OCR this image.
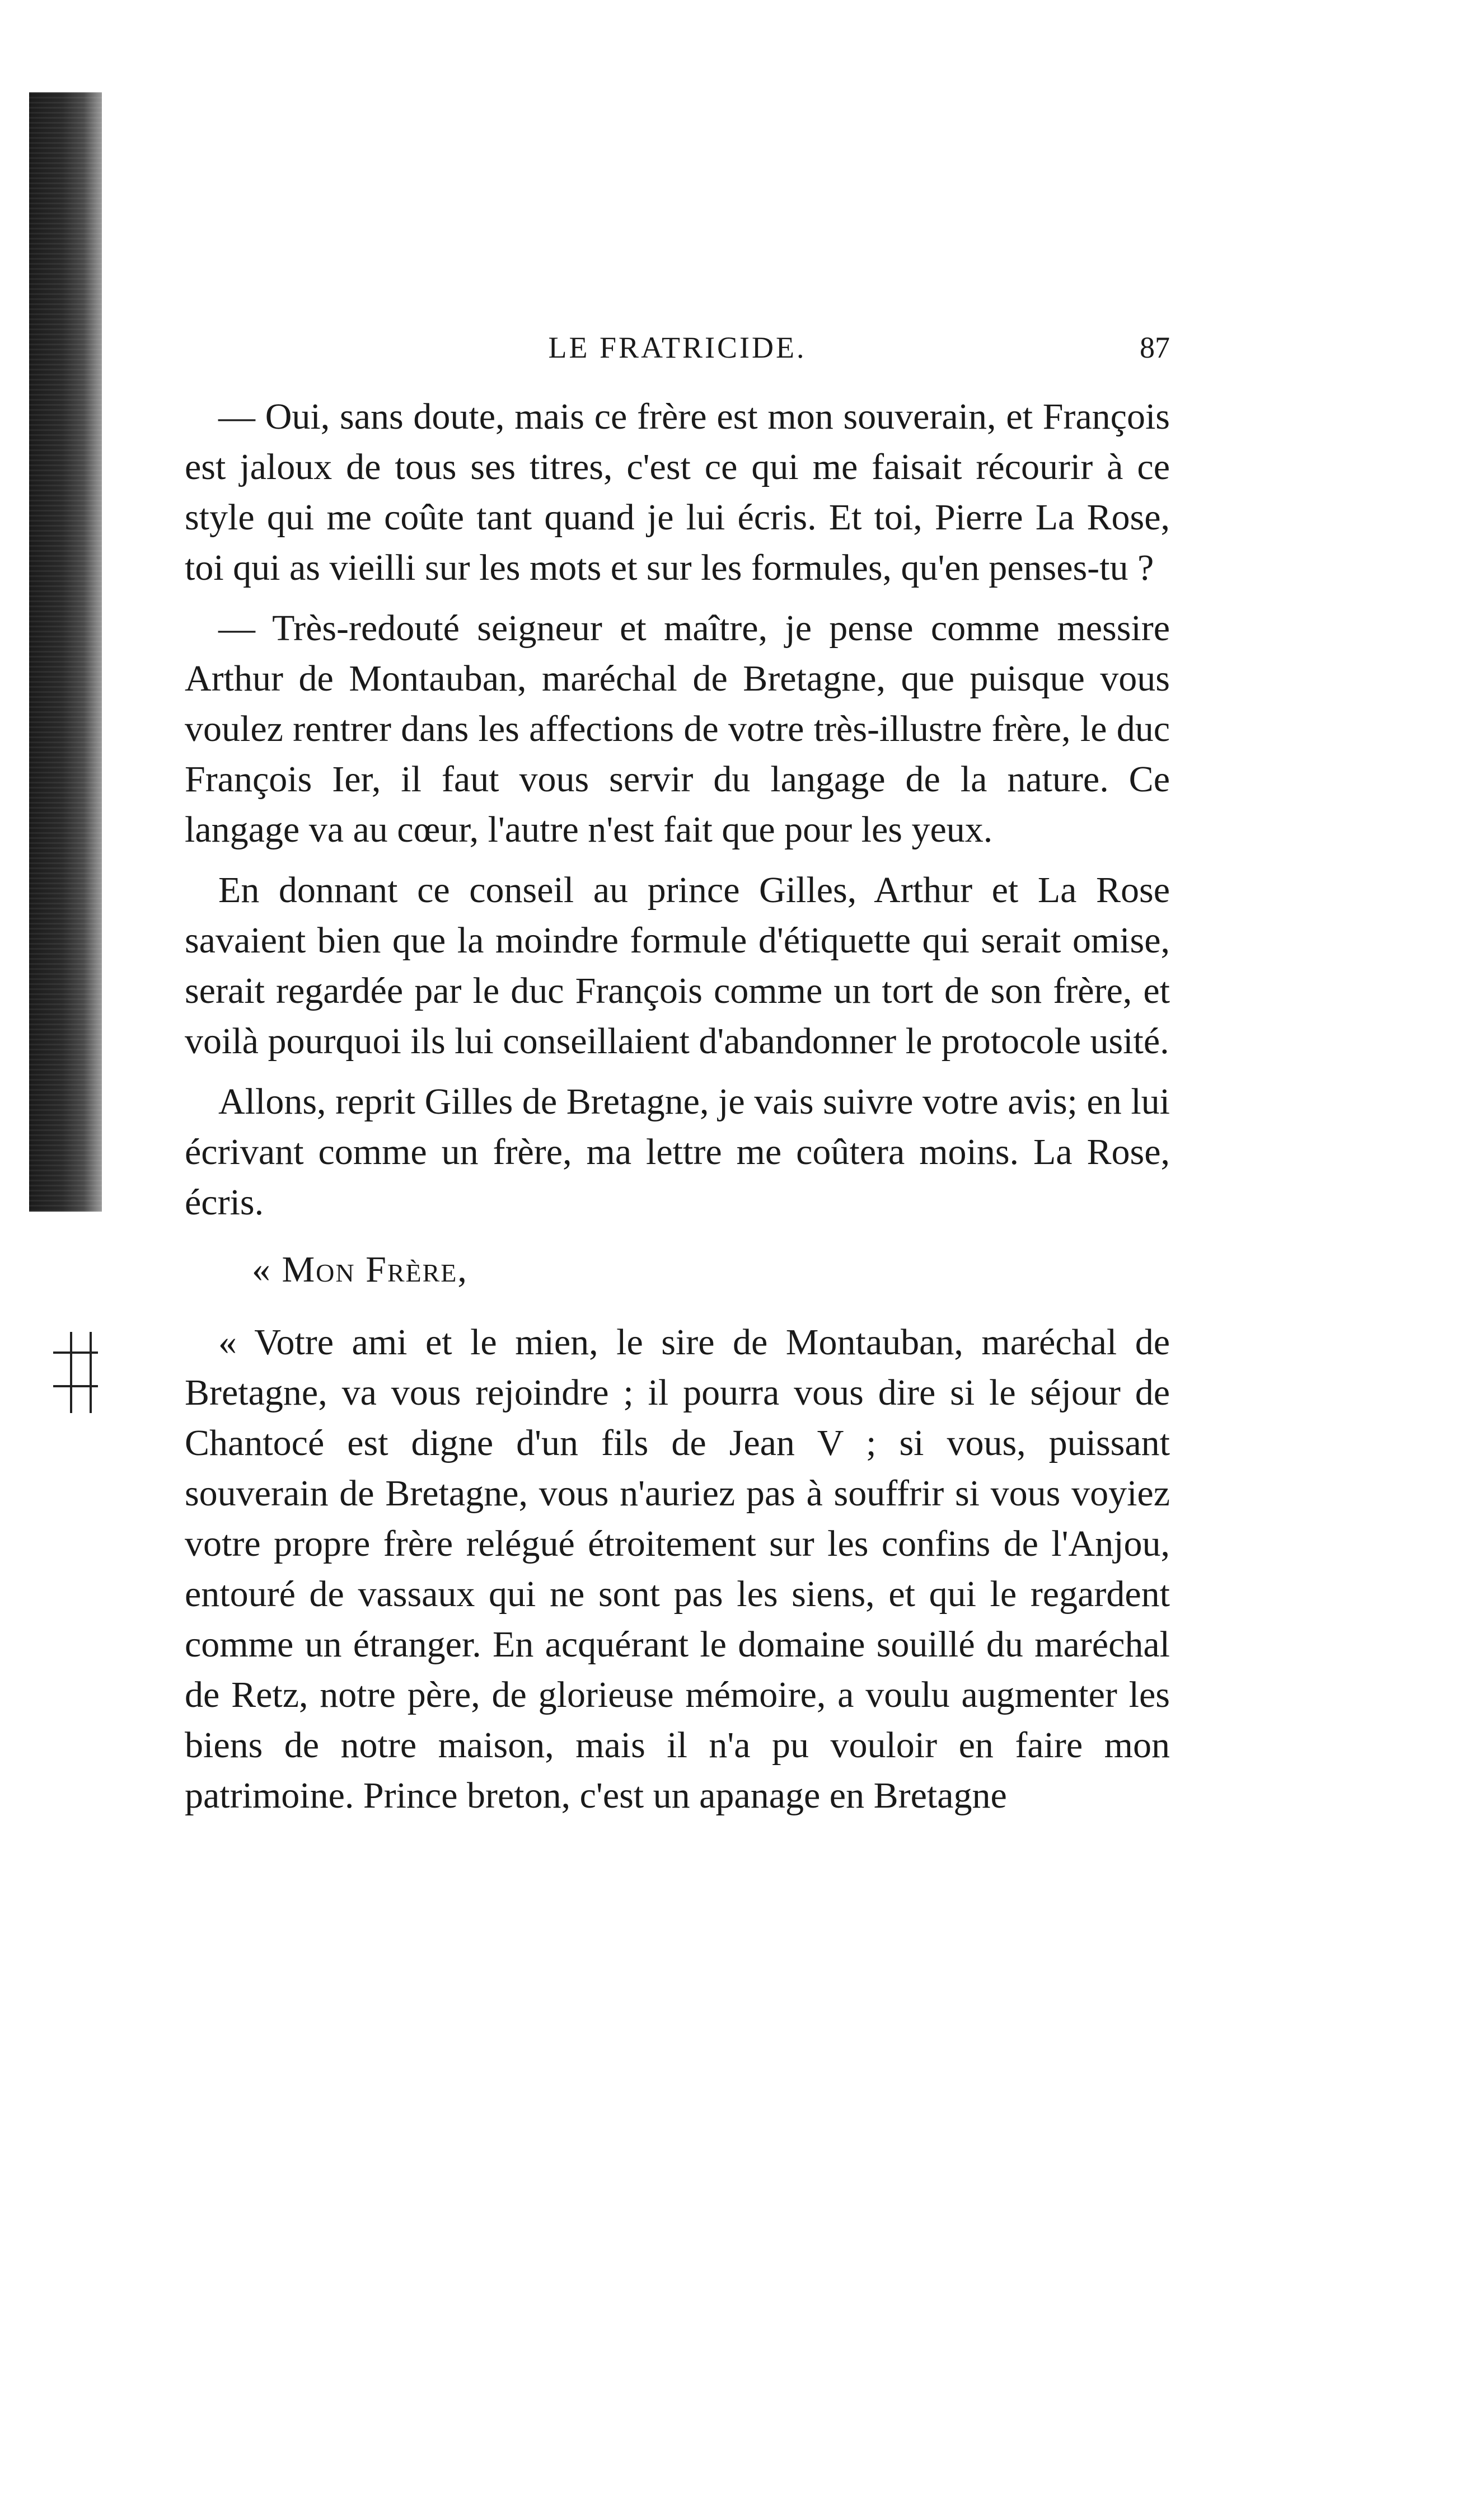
LE FRATRICIDE.	87

— Oui, sans doute, mais ce frère est mon souverain, et François est jaloux de tous ses titres, c'est ce qui me faisait récourir à ce style qui me coûte tant quand je lui écris. Et toi, Pierre La Rose, toi qui as vieilli sur les mots et sur les formules, qu'en penses-tu ?

— Très-redouté seigneur et maître, je pense comme messire Arthur de Montauban, maréchal de Bretagne, que puisque vous voulez rentrer dans les affections de votre très-illustre frère, le duc François Ier, il faut vous servir du langage de la nature. Ce langage va au cœur, l'autre n'est fait que pour les yeux.

En donnant ce conseil au prince Gilles, Arthur et La Rose savaient bien que la moindre formule d'étiquette qui serait omise, serait regardée par le duc François comme un tort de son frère, et voilà pourquoi ils lui conseillaient d'abandonner le protocole usité.

Allons, reprit Gilles de Bretagne, je vais suivre votre avis; en lui écrivant comme un frère, ma lettre me coûtera moins. La Rose, écris.

« Mon Frère,

« Votre ami et le mien, le sire de Montauban, maréchal de Bretagne, va vous rejoindre ; il pourra vous dire si le séjour de Chantocé est digne d'un fils de Jean V ; si vous, puissant souverain de Bretagne, vous n'auriez pas à souffrir si vous voyiez votre propre frère relégué étroitement sur les confins de l'Anjou, entouré de vassaux qui ne sont pas les siens, et qui le regardent comme un étranger. En acquérant le domaine souillé du maréchal de Retz, notre père, de glorieuse mémoire, a voulu augmenter les biens de notre maison, mais il n'a pu vouloir en faire mon patrimoine. Prince breton, c'est un apanage en Bretagne
